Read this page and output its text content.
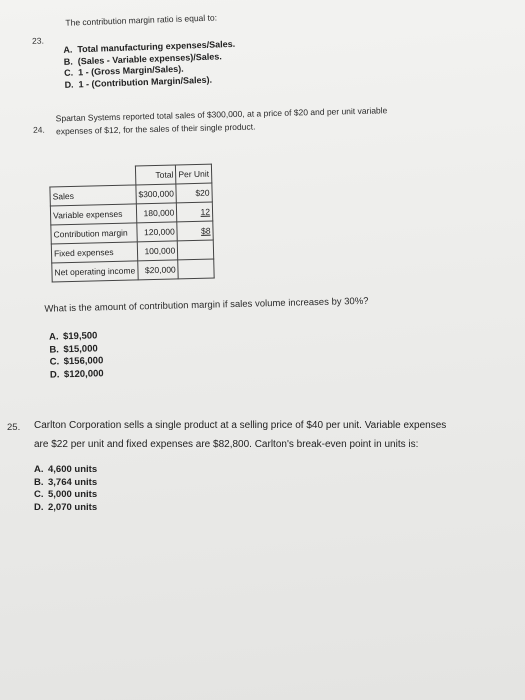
23.
The contribution margin ratio is equal to:
A. Total manufacturing expenses/Sales.
B. (Sales - Variable expenses)/Sales.
C. 1 - (Gross Margin/Sales).
D. 1 - (Contribution Margin/Sales).
24.
Spartan Systems reported total sales of $300,000, at a price of $20 and per unit variable
expenses of $12, for the sales of their single product.
	Total	Per Unit
Sales	$300,000	$20
Variable expenses	180,000	12
Contribution margin	120,000	$8
Fixed expenses	100,000	
Net operating income	$20,000	
What is the amount of contribution margin if sales volume increases by 30%?
A. $19,500
B. $15,000
C. $156,000
D. $120,000
25. Carlton Corporation sells a single product at a selling price of $40 per unit. Variable expenses
are $22 per unit and fixed expenses are $82,800. Carlton's break-even point in units is:
A. 4,600 units
B. 3,764 units
C. 5,000 units
D. 2,070 units
